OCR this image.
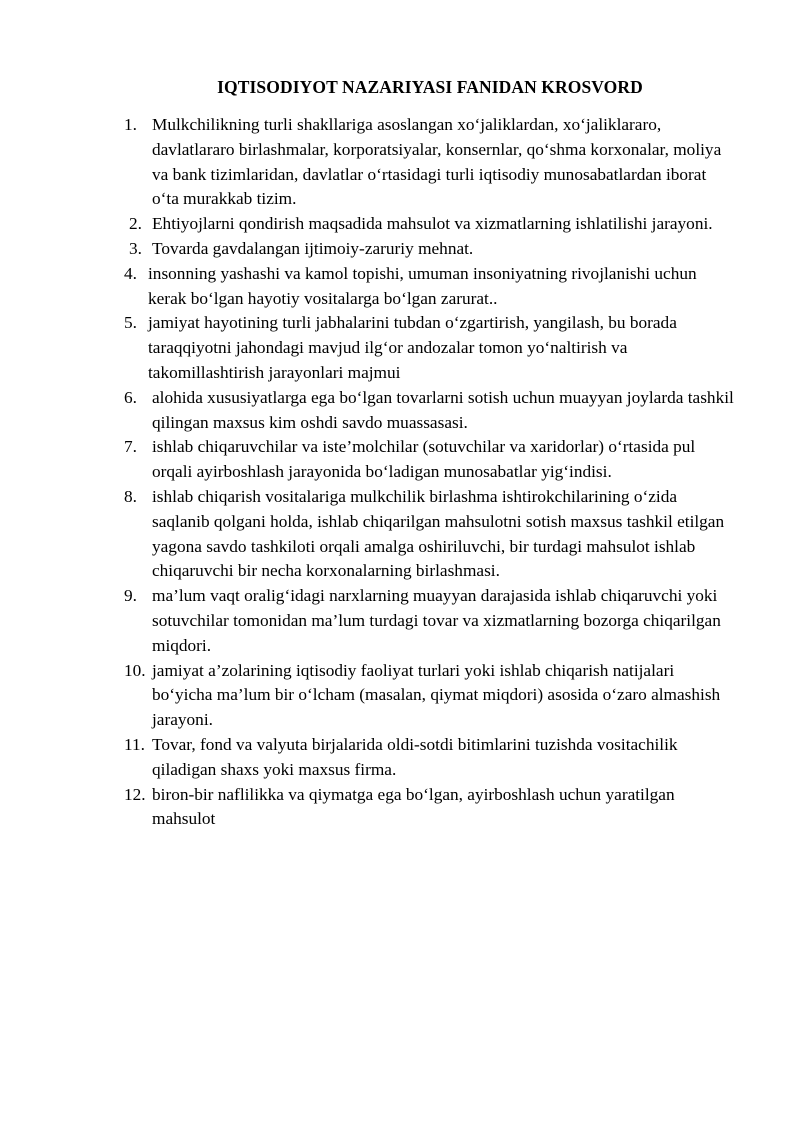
IQTISODIYOT NAZARIYASI FANIDAN KROSVORD
1. Mulkchilikning turli shakllariga asoslangan xo‘jaliklardan, xo‘jaliklararo, davlatlararo birlashmalar, korporatsiyalar, konsernlar, qo‘shma korxonalar, moliya va bank tizimlaridan, davlatlar o‘rtasidagi turli iqtisodiy munosabatlardan iborat o‘ta murakkab tizim.
2. Ehtiyojlarni qondirish maqsadida mahsulot va xizmatlarning ishlatilishi jarayoni.
3. Tovarda gavdalangan ijtimoiy-zaruriy mehnat.
4. insonning yashashi va kamol topishi, umuman insoniyatning rivojlanishi uchun kerak bo‘lgan hayotiy vositalarga bo‘lgan zarurat..
5. jamiyat hayotining turli jabhalarini tubdan o‘zgartirish, yangilash, bu borada taraqqiyotni jahondagi mavjud ilg‘or andozalar tomon yo‘naltirish va takomillashtirish jarayonlari majmui
6. alohida xususiyatlarga ega bo‘lgan tovarlarni sotish uchun muayyan joylarda tashkil qilingan maxsus kim oshdi savdo muassasasi.
7. ishlab chiqaruvchilar va iste’molchilar (sotuvchilar va xaridorlar) o‘rtasida pul orqali ayirboshlash jarayonida bo‘ladigan munosabatlar yig‘indisi.
8. ishlab chiqarish vositalariga mulkchilik birlashma ishtirokchilarining o‘zida saqlanib qolgani holda, ishlab chiqarilgan mahsulotni sotish maxsus tashkil etilgan yagona savdo tashkiloti orqali amalga oshiriluvchi, bir turdagi mahsulot ishlab chiqaruvchi bir necha korxonalarning birlashmasi.
9. ma’lum vaqt oralig‘idagi narxlarning muayyan darajasida ishlab chiqaruvchi yoki sotuvchilar tomonidan ma’lum turdagi tovar va xizmatlarning bozorga chiqarilgan miqdori.
10. jamiyat a’zolarining iqtisodiy faoliyat turlari yoki ishlab chiqarish natijalari bo‘yicha ma’lum bir o‘lcham (masalan, qiymat miqdori) asosida o‘zaro almashish jarayoni.
11. Tovar, fond va valyuta birjalarida oldi-sotdi bitimlarini tuzishda vositachilik qiladigan shaxs yoki maxsus firma.
12. biron-bir naflilikka va qiymatga ega bo‘lgan, ayirboshlash uchun yaratilgan mahsulot
